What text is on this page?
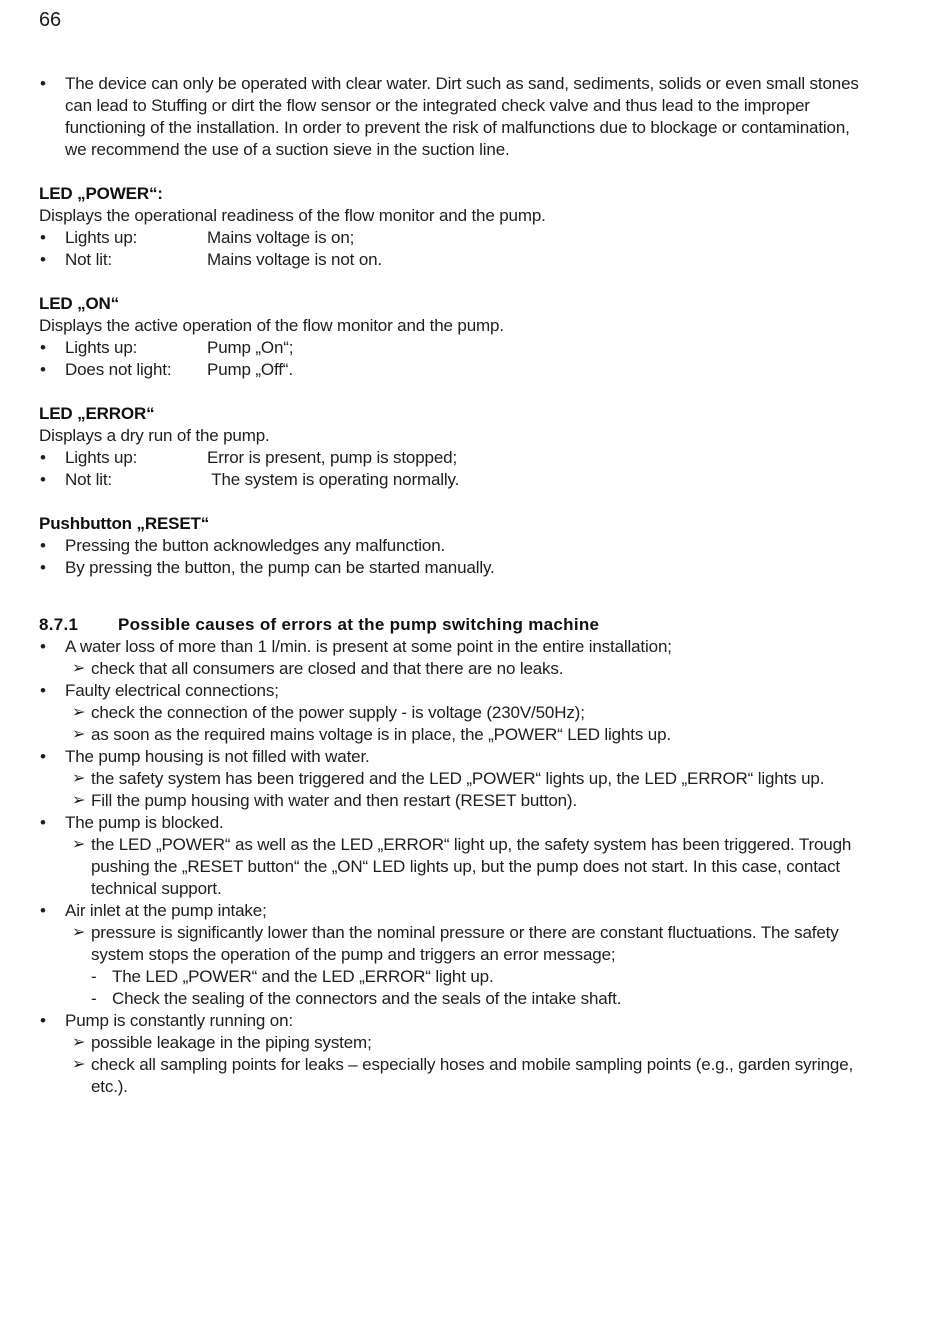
66
• The device can only be operated with clear water. Dirt such as sand, sediments, solids or even small stones can lead to Stuffing or dirt the flow sensor or the integrated check valve and thus lead to the improper functioning of the installation. In order to prevent the risk of malfunctions due to blockage or contamination, we recommend the use of a suction sieve in the suction line.
LED „POWER“:
Displays the operational readiness of the flow monitor and the pump.
• Lights up:	Mains voltage is on;
• Not lit:	Mains voltage is not on.
LED „ON“
Displays the active operation of the flow monitor and the pump.
• Lights up:	Pump „On“;
• Does not light: Pump „Off“.
LED „ERROR“
Displays a dry run of the pump.
• Lights up:	Error is present, pump is stopped;
• Not lit:	The system is operating normally.
Pushbutton „RESET“
• Pressing the button acknowledges any malfunction.
• By pressing the button, the pump can be started manually.
8.7.1 Possible causes of errors at the pump switching machine
• A water loss of more than 1 l/min. is present at some point in the entire installation;
➢ check that all consumers are closed and that there are no leaks.
• Faulty electrical connections;
➢ check the connection of the power supply - is voltage (230V/50Hz);
➢ as soon as the required mains voltage is in place, the „POWER“ LED lights up.
• The pump housing is not filled with water.
➢ the safety system has been triggered and the LED „POWER“ lights up, the LED „ERROR“ lights up.
➢ Fill the pump housing with water and then restart (RESET button).
• The pump is blocked.
➢ the LED „POWER“ as well as the LED „ERROR“ light up, the safety system has been triggered. Trough pushing the „RESET button“ the „ON“ LED lights up, but the pump does not start. In this case, contact technical support.
• Air inlet at the pump intake;
➢ pressure is significantly lower than the nominal pressure or there are constant fluctuations. The safety system stops the operation of the pump and triggers an error message;
- The LED „POWER“ and the LED „ERROR“ light up.
- Check the sealing of the connectors and the seals of the intake shaft.
• Pump is constantly running on:
➢ possible leakage in the piping system;
➢ check all sampling points for leaks – especially hoses and mobile sampling points (e.g., garden syringe, etc.).
